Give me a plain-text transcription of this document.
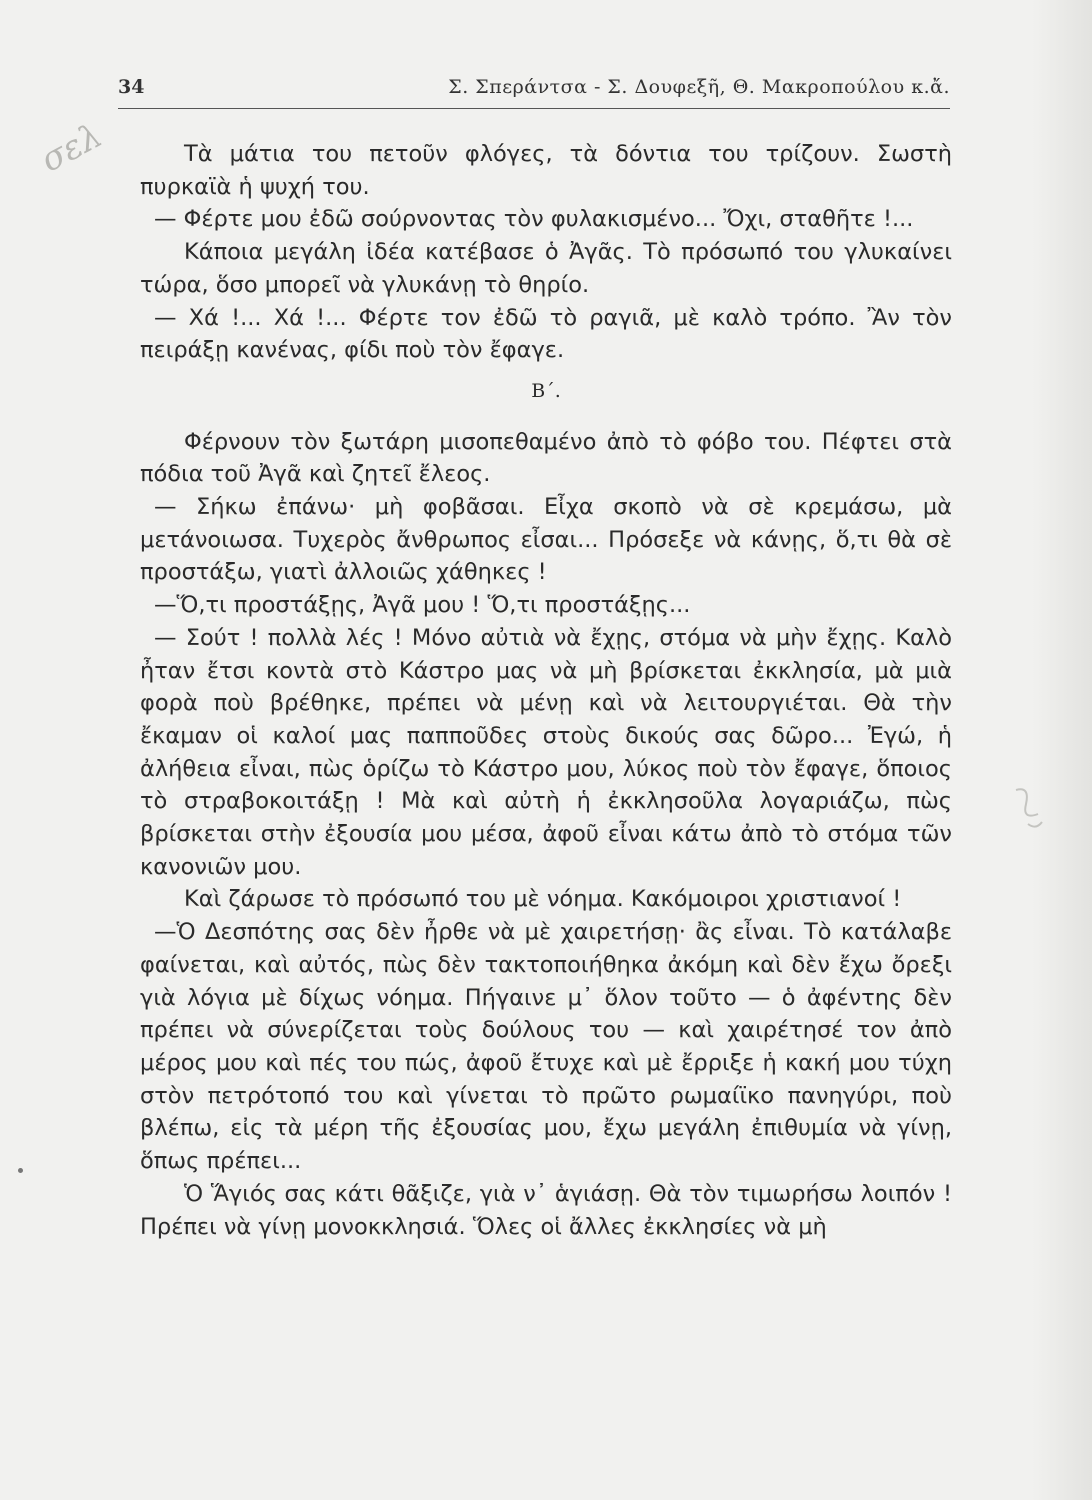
34	Σ. Σπεράντσα - Σ. Δουφεξῆ, Θ. Μακροπούλου κ.ἄ.
σελ	Τὰ μάτια του πετοῦν φλόγες, τὰ δόντια του τρίζουν. Σωστὴ πυρκαϊὰ ἡ ψυχή του.

— Φέρτε μου ἐδῶ σούρνοντας τὸν φυλακισμένο... Ὄχι, σταθῆτε !...

Κάποια μεγάλη ἰδέα κατέβασε ὁ Ἀγᾶς. Τὸ πρόσωπό του γλυκαίνει τώρα, ὅσο μπορεῖ νὰ γλυκάνῃ τὸ θηρίο.

— Χά !... Χά !... Φέρτε τον ἐδῶ τὸ ραγιᾶ, μὲ καλὸ τρόπο. Ἂν τὸν πειράξῃ κανένας, φίδι ποὺ τὸν ἔφαγε.

Β΄.

Φέρνουν τὸν ξωτάρη μισοπεθαμένο ἀπὸ τὸ φόβο του. Πέφτει στὰ πόδια τοῦ Ἀγᾶ καὶ ζητεῖ ἔλεος.

— Σήκω ἐπάνω· μὴ φοβᾶσαι. Εἶχα σκοπὸ νὰ σὲ κρεμάσω, μὰ μετάνοιωσα. Τυχερὸς ἄνθρωπος εἶσαι... Πρόσεξε νὰ κάνῃς, ὅ,τι θὰ σὲ προστάξω, γιατὶ ἀλλοιῶς χάθηκες !

—Ὅ,τι προστάξῃς, Ἀγᾶ μου ! Ὅ,τι προστάξῃς...

— Σούτ ! πολλὰ λές ! Μόνο αὐτιὰ νὰ ἔχῃς, στόμα νὰ μὴν ἔχῃς. Καλὸ ἦταν ἔτσι κοντὰ στὸ Κάστρο μας νὰ μὴ βρίσκεται ἐκκλησία, μὰ μιὰ φορὰ ποὺ βρέθηκε, πρέπει νὰ μένῃ καὶ νὰ λειτουργιέται. Θὰ τὴν ἔκαμαν οἱ καλοί μας παπποῦδες στοὺς δικούς σας δῶρο... Ἐγώ, ἡ ἀλήθεια εἶναι, πὼς ὁρίζω τὸ Κάστρο μου, λύκος ποὺ τὸν ἔφαγε, ὅποιος τὸ στραβοκοιτάξῃ ! Μὰ καὶ αὐτὴ ἡ ἐκκλησοῦλα λογαριάζω, πὼς βρίσκεται στὴν ἐξουσία μου μέσα, ἀφοῦ εἶναι κάτω ἀπὸ τὸ στόμα τῶν κανονιῶν μου.

Καὶ ζάρωσε τὸ πρόσωπό του μὲ νόημα. Κακόμοιροι χριστιανοί !

—Ὁ Δεσπότης σας δὲν ἦρθε νὰ μὲ χαιρετήσῃ· ἂς εἶναι. Τὸ κατάλαβε φαίνεται, καὶ αὐτός, πὼς δὲν τακτοποιήθηκα ἀκόμη καὶ δὲν ἔχω ὄρεξι γιὰ λόγια μὲ δίχως νόημα. Πήγαινε μ᾿ ὅλον τοῦτο — ὁ ἀφέντης δὲν πρέπει νὰ σύνερίζεται τοὺς δούλους του — καὶ χαιρέτησέ τον ἀπὸ μέρος μου καὶ πές του πώς, ἀφοῦ ἔτυχε καὶ μὲ ἔρριξε ἡ κακή μου τύχη στὸν πετρότοπό του καὶ γίνεται τὸ πρῶτο ρωμαίϊκο πανηγύρι, ποὺ βλέπω, εἰς τὰ μέρη τῆς ἐξουσίας μου, ἔχω μεγάλη ἐπιθυμία νὰ γίνῃ, ὅπως πρέπει...

Ὁ Ἅγιός σας κάτι θᾶξιζε, γιὰ ν᾿ ἁγιάσῃ. Θὰ τὸν τιμωρήσω λοιπόν ! Πρέπει νὰ γίνῃ μονοκκλησιά. Ὅλες οἱ ἄλλες ἐκκλησίες νὰ μὴ
